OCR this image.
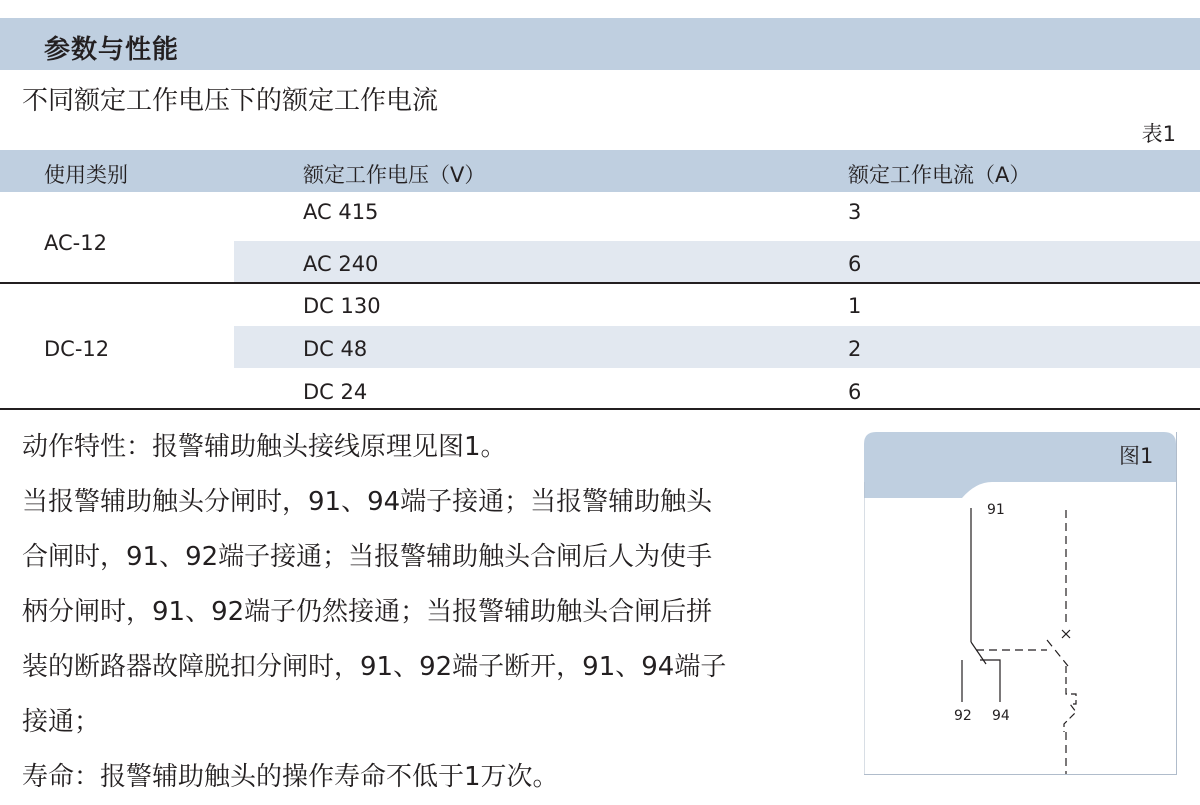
参数与性能
不同额定工作电压下的额定工作电流
表1
使用类别	额定工作电压（V）	额定工作电流（A）
AC-12
AC 415	3
AC 240	6
DC-12
DC 130	1
DC 48	2
DC 24	6

动作特性：报警辅助触头接线原理见图1。

当报警辅助触头分闸时，91、94端子接通；当报警辅助触头

合闸时，91、92端子接通；当报警辅助触头合闸后人为使手

柄分闸时，91、92端子仍然接通；当报警辅助触头合闸后拼

装的断路器故障脱扣分闸时，91、92端子断开，91、94端子

接通；

寿命：报警辅助触头的操作寿命不低于1万次。

91
92 94
图1
